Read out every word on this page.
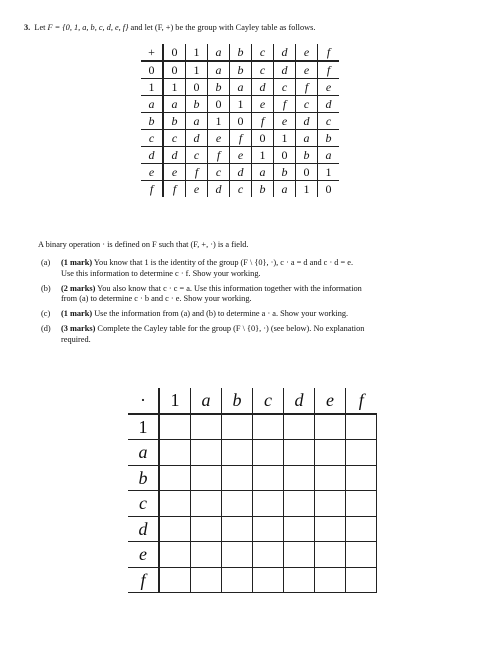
3. Let F = {0, 1, a, b, c, d, e, f} and let (F, +) be the group with Cayley table as follows.
+	0	1	a	b	c	d	e	f
0	0	1	a	b	c	d	e	f
1	1	0	b	a	d	c	f	e
a	a	b	0	1	e	f	c	d
b	b	a	1	0	f	e	d	c
c	c	d	e	f	0	1	a	b
d	d	c	f	e	1	0	b	a
e	e	f	c	d	a	b	0	1
f	f	e	d	c	b	a	1	0
A binary operation · is defined on F such that (F, +, ·) is a field.
(a) (1 mark) You know that 1 is the identity of the group (F \ {0}, ·), c · a = d and c · d = e.
Use this information to determine c · f. Show your working.
(b) (2 marks) You also know that c · c = a. Use this information together with the information
from (a) to determine c · b and c · e. Show your working.
(c) (1 mark) Use the information from (a) and (b) to determine a · a. Show your working.
(d) (3 marks) Complete the Cayley table for the group (F \ {0}, ·) (see below). No explanation
required.
·	1	a	b	c	d	e	f
1							
a							
b							
c							
d							
e							
f							
